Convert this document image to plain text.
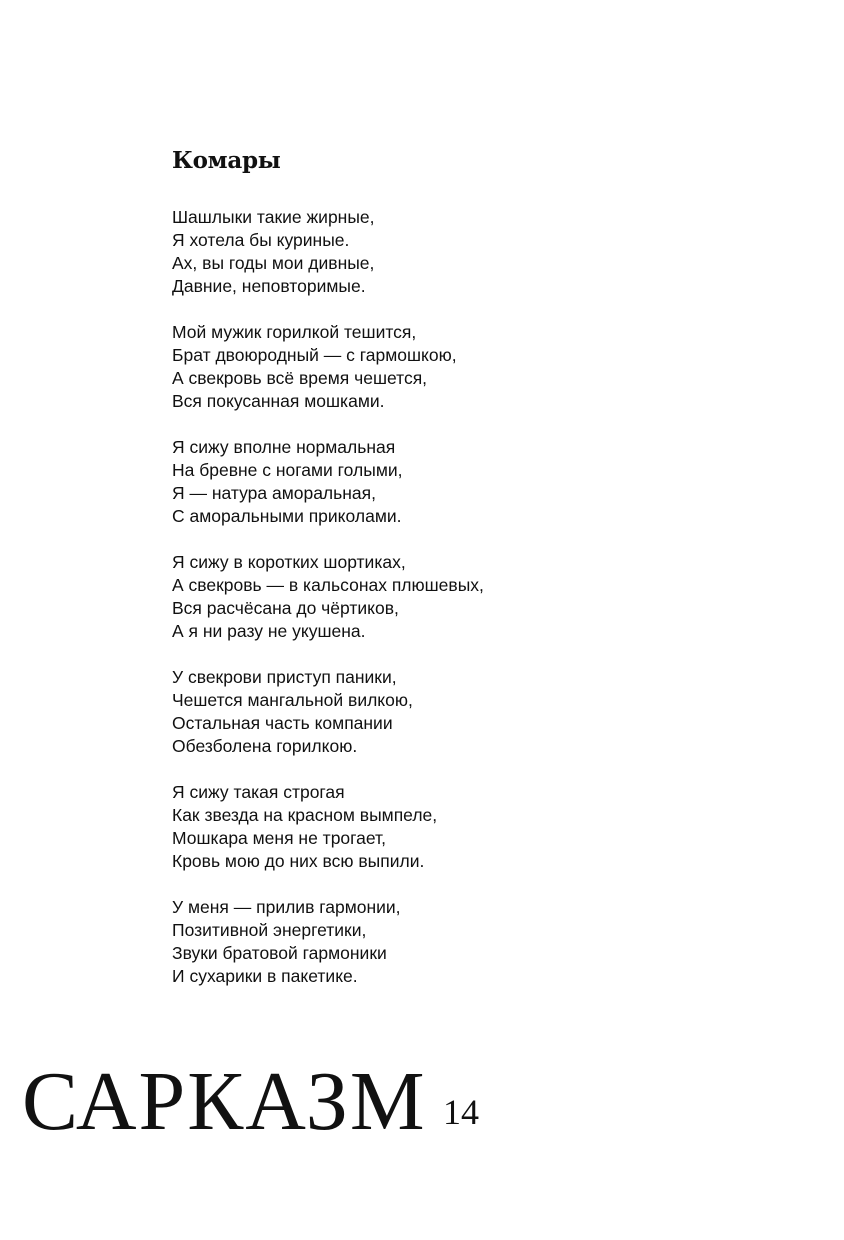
Комары

Шашлыки такие жирные,
Я хотела бы куриные.
Ах, вы годы мои дивные,
Давние, неповторимые.

Мой мужик горилкой тешится,
Брат двоюродный — с гармошкою,
А свекровь всё время чешется,
Вся покусанная мошками.

Я сижу вполне нормальная
На бревне с ногами голыми,
Я — натура аморальная,
С аморальными приколами.

Я сижу в коротких шортиках,
А свекровь — в кальсонах плюшевых,
Вся расчёсана до чёртиков,
А я ни разу не укушена.

У свекрови приступ паники,
Чешется мангальной вилкою,
Остальная часть компании
Обезболена горилкою.

Я сижу такая строгая
Как звезда на красном вымпеле,
Мошкара меня не трогает,
Кровь мою до них всю выпили.

У меня — прилив гармонии,
Позитивной энергетики,
Звуки братовой гармоники
И сухарики в пакетике.

САРКАЗМ 14
